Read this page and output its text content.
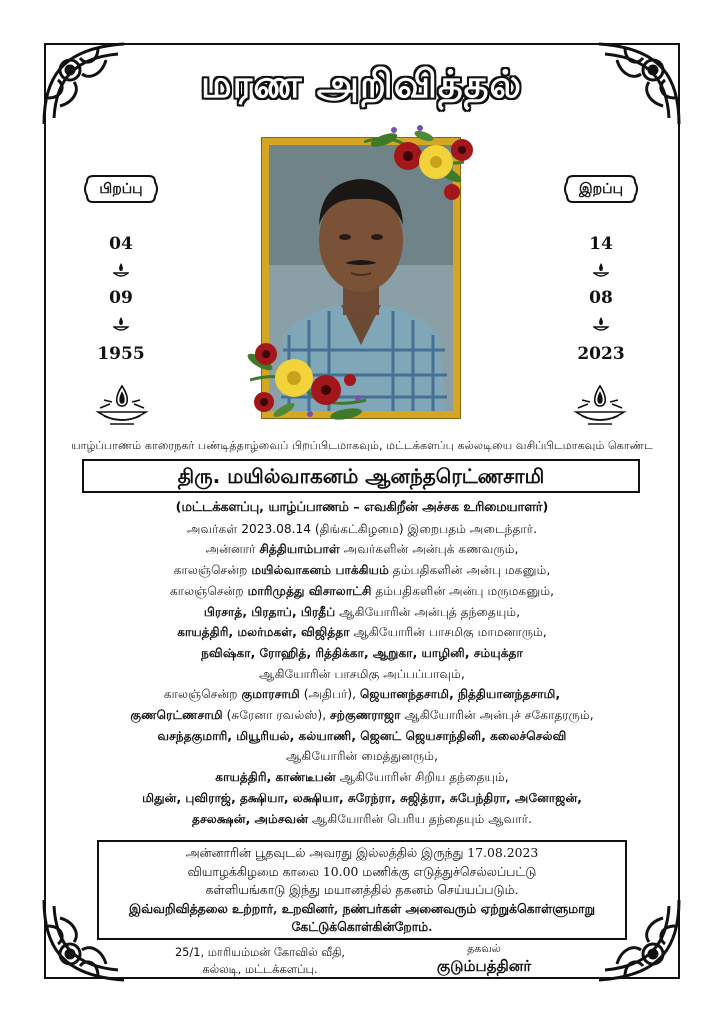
மரண அறிவித்தல்
பிறப்பு
04
09
1955
இறப்பு
14
08
2023
யாழ்ப்பாணம் காரைநகர் பண்டித்தாழ்வைப் பிறப்பிடமாகவும், மட்டக்களப்பு கல்லடியை வசிப்பிடமாகவும் கொண்ட
திரு. மயில்வாகனம் ஆனந்தரெட்ணசாமி
(மட்டக்களப்பு, யாழ்ப்பாணம் – எவகிறீன் அச்சக உரிமையாளர்)
அவர்கள் 2023.08.14 (திங்கட்கிழமை) இறைபதம் அடைந்தார்.
அன்னார் சித்தியாம்பாள் அவர்களின் அன்புக் கணவரும்,
காலஞ்சென்ற மயில்வாகனம் பாக்கியம் தம்பதிகளின் அன்பு மகனும்,
காலஞ்சென்ற மாரிமுத்து விசாலாட்சி தம்பதிகளின் அன்பு மருமகனும்,
பிரசாத், பிரதாப், பிரதீப் ஆகியோரின் அன்புத் தந்தையும்,
காயத்திரி, மலர்மகள், விஜித்தா ஆகியோரின் பாசமிகு மாமனாரும்,
நவிஷ்கா, ரோஹித், ரித்திக்கா, ஆறுகா, யாழினி, சம்யுக்தா
ஆகியோரின் பாசமிகு அப்பப்பாவும்,
காலஞ்சென்ற குமாரசாமி (அதிபர்), ஜெயானந்தசாமி, நித்தியானந்தசாமி,
குணரெட்ணசாமி (சுரேனா ரவல்ஸ்), சற்குணராஜா ஆகியோரின் அன்புச் சகோதரரும்,
வசந்தகுமாரி, மியூரியல், கல்யாணி, ஜெனட் ஜெயசாந்தினி, கலைச்செல்வி
ஆகியோரின் மைத்துனரும்,
காயத்திரி, காண்டீபன் ஆகியோரின் சிறிய தந்தையும்,
மிதுன், புவிராஜ், தக்ஷியா, லக்ஷியா, சுரேந்ரா, சுஜித்ரா, சுபேந்திரா, அனோஜன்,
தசலக்ஷன், அம்சவன் ஆகியோரின் பெரிய தந்தையும் ஆவார்.
அன்னாரின் பூதவுடல் அவரது இல்லத்தில் இருந்து 17.08.2023
வியாழக்கிழமை காலை 10.00 மணிக்கு எடுத்துச்செல்லப்பட்டு
கள்ளியங்காடு இந்து மயானத்தில் தகனம் செய்யப்படும்.
இவ்வறிவித்தலை உற்றார், உறவினர், நண்பர்கள் அனைவரும் ஏற்றுக்கொள்ளுமாறு
கேட்டுக்கொள்கின்றோம்.
25/1, மாரியம்மன் கோவில் வீதி,
கல்லடி, மட்டக்களப்பு.
தகவல்
குடும்பத்தினர்
